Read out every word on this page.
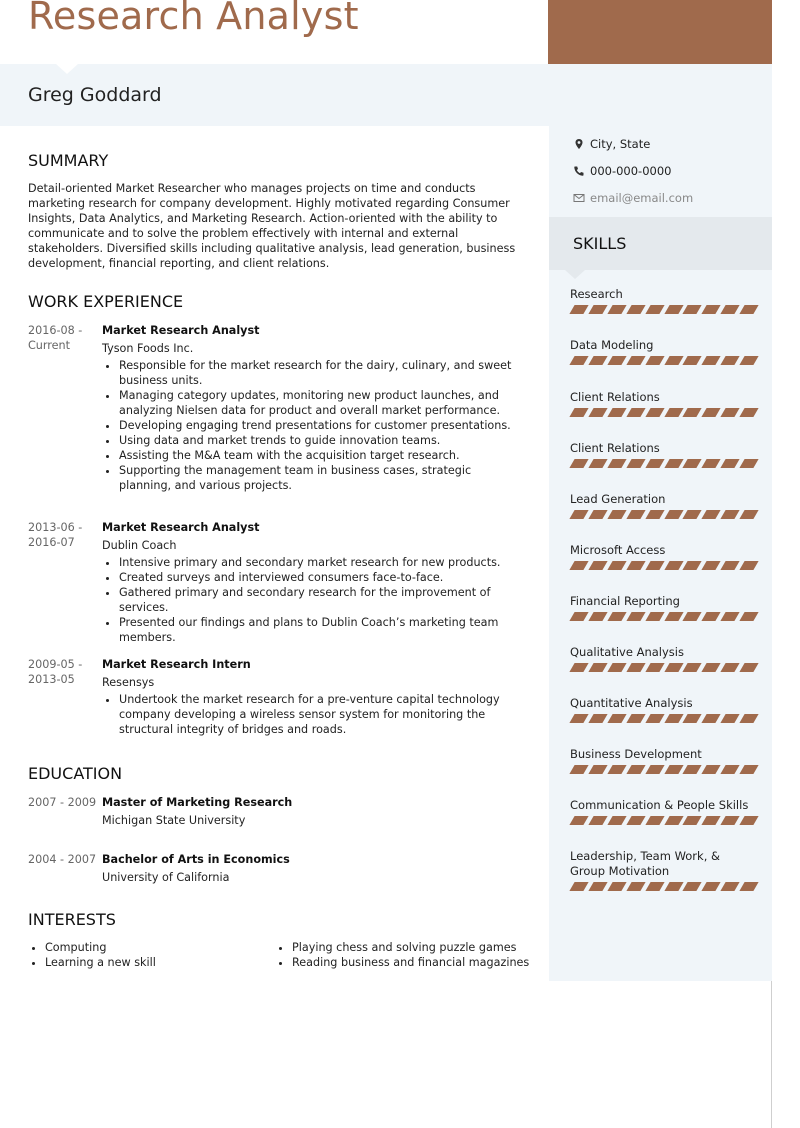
Research Analyst
Greg Goddard
City, State
000-000-0000
email@email.com
SKILLS
Research
Data Modeling
Client Relations
Client Relations
Lead Generation
Microsoft Access
Financial Reporting
Qualitative Analysis
Quantitative Analysis
Business Development
Communication & People Skills
Leadership, Team Work, & Group Motivation
SUMMARY

Detail-oriented Market Researcher who manages projects on time and conducts marketing research for company development. Highly motivated regarding Consumer Insights, Data Analytics, and Marketing Research. Action-oriented with the ability to communicate and to solve the problem effectively with internal and external stakeholders. Diversified skills including qualitative analysis, lead generation, business development, financial reporting, and client relations.

WORK EXPERIENCE
2016-08 - Current
Market Research Analyst
Tyson Foods Inc.
• Responsible for the market research for the dairy, culinary, and sweet business units.
• Managing category updates, monitoring new product launches, and analyzing Nielsen data for product and overall market performance.
• Developing engaging trend presentations for customer presentations.
• Using data and market trends to guide innovation teams.
• Assisting the M&A team with the acquisition target research.
• Supporting the management team in business cases, strategic planning, and various projects.
2013-06 - 2016-07
Market Research Analyst
Dublin Coach
• Intensive primary and secondary market research for new products.
• Created surveys and interviewed consumers face-to-face.
• Gathered primary and secondary research for the improvement of services.
• Presented our findings and plans to Dublin Coach’s marketing team members.
2009-05 - 2013-05
Market Research Intern
Resensys
• Undertook the market research for a pre-venture capital technology company developing a wireless sensor system for monitoring the structural integrity of bridges and roads.
EDUCATION
2007 - 2009 Master of Marketing Research
Michigan State University
2004 - 2007 Bachelor of Arts in Economics
University of California
INTERESTS
• Computing
• Learning a new skill
• Playing chess and solving puzzle games
• Reading business and financial magazines
